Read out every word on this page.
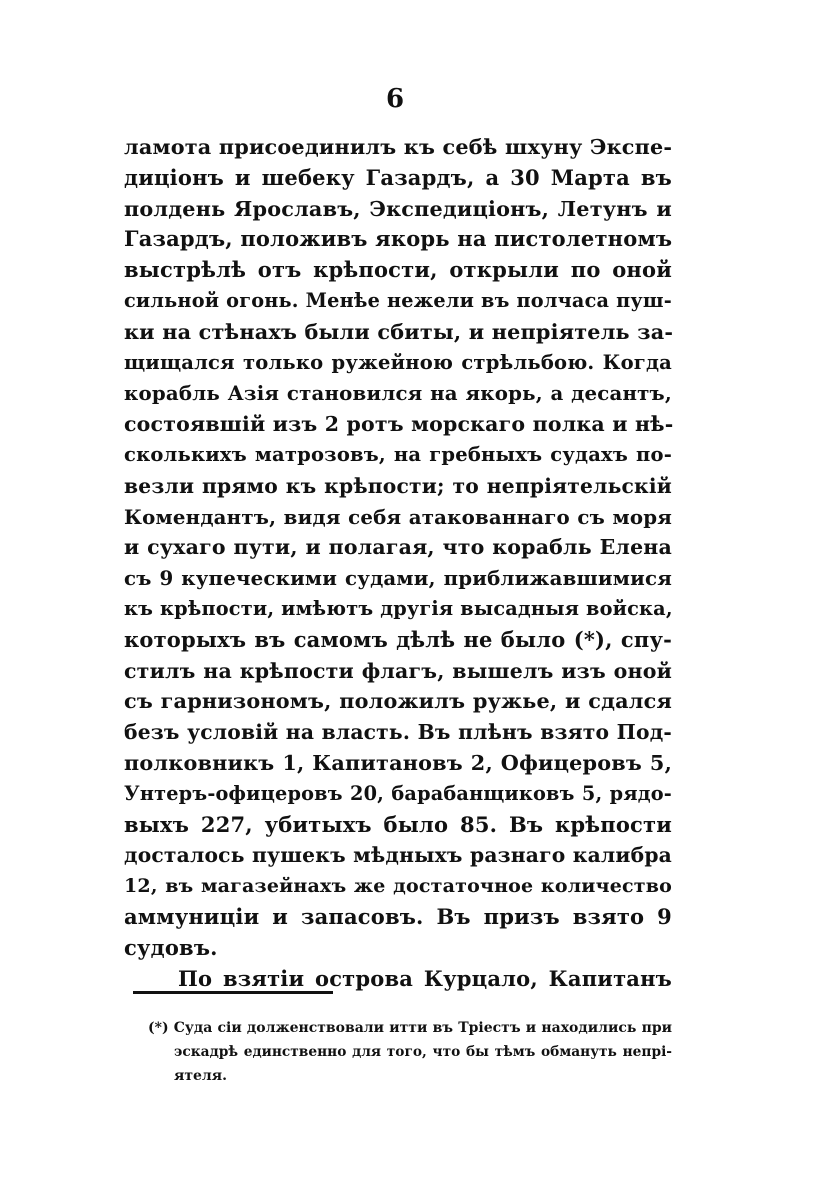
6
ламота присоединилъ къ себѣ шхуну Экспе-
диціонъ и шебеку Газардъ, а 30 Марта въ
полдень Ярославъ, Экспедиціонъ, Летунъ и
Газардъ, положивъ якорь на пистолетномъ
выстрѣлѣ отъ крѣпости, открыли по оной
сильной огонь. Менѣе нежели въ полчаса пуш-
ки на стѣнахъ были сбиты, и непріятель за-
щищался только ружейною стрѣльбою. Когда
корабль Азія становился на якорь, а десантъ,
состоявшій изъ 2 ротъ морскаго полка и нѣ-
сколькихъ матрозовъ, на гребныхъ судахъ по-
везли прямо къ крѣпости; то непріятельскій
Комендантъ, видя себя атакованнаго съ моря
и сухаго пути, и полагая, что корабль Елена
съ 9 купеческими судами, приближавшимися
къ крѣпости, имѣютъ другія высадныя войска,
которыхъ въ самомъ дѣлѣ не было (*), спу-
стилъ на крѣпости флагъ, вышелъ изъ оной
съ гарнизономъ, положилъ ружье, и сдался
безъ условій на власть. Въ плѣнъ взято Под-
полковникъ 1, Капитановъ 2, Офицеровъ 5,
Унтеръ-офицеровъ 20, барабанщиковъ 5, рядо-
выхъ 227, убитыхъ было 85. Въ крѣпости
досталось пушекъ мѣдныхъ разнаго калибра
12, въ магазейнахъ же достаточное количество
аммуниціи и запасовъ. Въ призъ взято 9
судовъ.
По взятіи острова Курцало, Капитанъ
(*) Суда сіи долженствовали итти въ Тріестъ и находились при
эскадрѣ единственно для того, что бы тѣмъ обмануть непрі-
ятеля.
